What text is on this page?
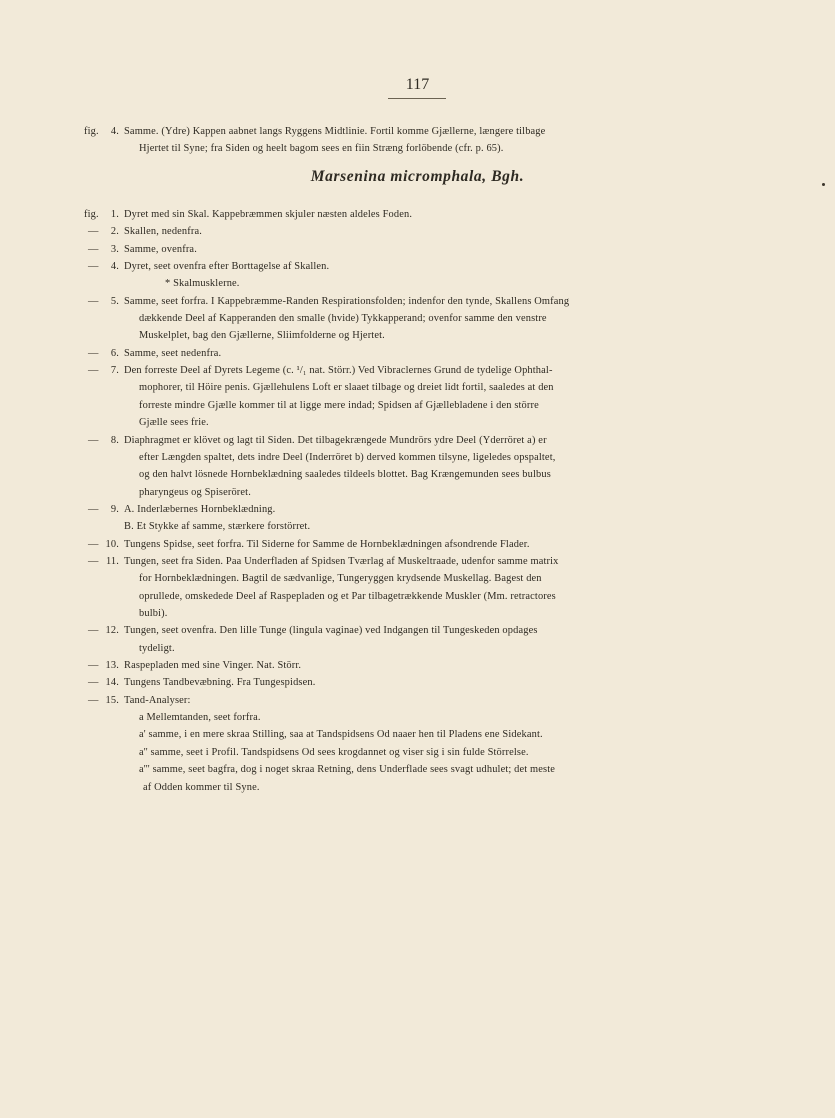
117
Marsenina micromphala, Bgh.
fig.	4. Samme. (Ydre) Kappen aabnet langs Ryggens Midtlinie. Fortil komme Gjællerne, længere tilbage
Hjertet til Syne; fra Siden og heelt bagom sees en fiin Stræng forlöbende (cfr. p. 65).
fig.	1. Dyret med sin Skal. Kappebræmmen skjuler næsten aldeles Foden.
—	2. Skallen, nedenfra.
—	3. Samme, ovenfra.
—	4. Dyret, seet ovenfra efter Borttagelse af Skallen.
* Skalmusklerne.
—	5. Samme, seet forfra. I Kappebræmme-Randen Respirationsfolden; indenfor den tynde, Skallens Omfang
dækkende Deel af Kapperanden den smalle (hvide) Tykkapperand; ovenfor samme den venstre
Muskelplet, bag den Gjællerne, Sliimfolderne og Hjertet.
—	6. Samme, seet nedenfra.
—	7. Den forreste Deel af Dyrets Legeme (c. ¹/₁ nat. Störr.) Ved Vibraclernes Grund de tydelige Ophthal-
mophorer, til Höire penis. Gjællehulens Loft er slaaet tilbage og dreiet lidt fortil, saaledes at den
forreste mindre Gjælle kommer til at ligge mere indad; Spidsen af Gjællebladene i den större
Gjælle sees frie.
—	8. Diaphragmet er klövet og lagt til Siden. Det tilbagekrængede Mundrörs ydre Deel (Yderröret a) er
efter Længden spaltet, dets indre Deel (Inderröret b) derved kommen tilsyne, ligeledes opspaltet,
og den halvt lösnede Hornbeklædning saaledes tildeels blottet. Bag Krængemunden sees bulbus
pharyngeus og Spiseröret.
—	9. A. Inderlæbernes Hornbeklædning.
B. Et Stykke af samme, stærkere forstörret.
— 10. Tungens Spidse, seet forfra. Til Siderne for Samme de Hornbeklædningen afsondrende Flader.
— 11. Tungen, seet fra Siden. Paa Underfladen af Spidsen Tværlag af Muskeltraade, udenfor samme matrix
for Hornbeklædningen. Bagtil de sædvanlige, Tungeryggen krydsende Muskellag. Bagest den
oprullede, omskedede Deel af Raspepladen og et Par tilbagetrækkende Muskler (Mm. retractores
bulbi).
— 12. Tungen, seet ovenfra. Den lille Tunge (lingula vaginae) ved Indgangen til Tungeskeden opdages
tydeligt.
— 13. Raspepladen med sine Vinger. Nat. Störr.
— 14. Tungens Tandbevæbning. Fra Tungespidsen.
— 15. Tand-Analyser:
a Mellemtanden, seet forfra.
a' samme, i en mere skraa Stilling, saa at Tandspidsens Od naaer hen til Pladens ene Sidekant.
a'' samme, seet i Profil. Tandspidsens Od sees krogdannet og viser sig i sin fulde Störrelse.
a''' samme, seet bagfra, dog i noget skraa Retning, dens Underflade sees svagt udhulet; det meste
af Odden kommer til Syne.
